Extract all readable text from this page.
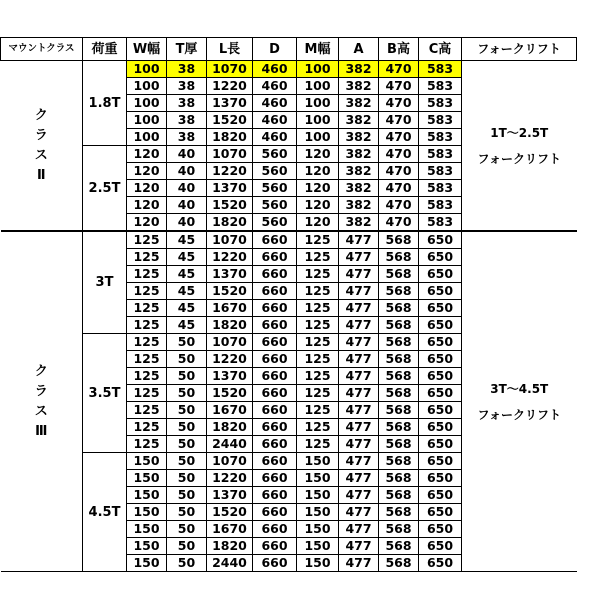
マウントクラス	荷重	W幅	T厚	L長	D	M幅	A	B高	C高	フォークリフト

ク
ラ
ス
Ⅱ	1.8T	100	38	1070	460	100	382	470	583	1T～2.5T
フォークリフト

		100	38	1220	460	100	382	470	583	
		100	38	1370	460	100	382	470	583	
		100	38	1520	460	100	382	470	583	
		100	38	1820	460	100	382	470	583	
	2.5T	120	40	1070	560	120	382	470	583	
		120	40	1220	560	120	382	470	583	
		120	40	1370	560	120	382	470	583	
		120	40	1520	560	120	382	470	583	
		120	40	1820	560	120	382	470	583	

ク
ラ
ス
Ⅲ	3T	125	45	1070	660	125	477	568	650	3T～4.5T
フォークリフト

		125	45	1220	660	125	477	568	650	
		125	45	1370	660	125	477	568	650	
		125	45	1520	660	125	477	568	650	
		125	45	1670	660	125	477	568	650	
		125	45	1820	660	125	477	568	650	
	3.5T	125	50	1070	660	125	477	568	650	
		125	50	1220	660	125	477	568	650	
		125	50	1370	660	125	477	568	650	
		125	50	1520	660	125	477	568	650	
		125	50	1670	660	125	477	568	650	
		125	50	1820	660	125	477	568	650	
		125	50	2440	660	125	477	568	650	
	4.5T	150	50	1070	660	150	477	568	650	
		150	50	1220	660	150	477	568	650	
		150	50	1370	660	150	477	568	650	
		150	50	1520	660	150	477	568	650	
		150	50	1670	660	150	477	568	650	
		150	50	1820	660	150	477	568	650	
		150	50	2440	660	150	477	568	650	
